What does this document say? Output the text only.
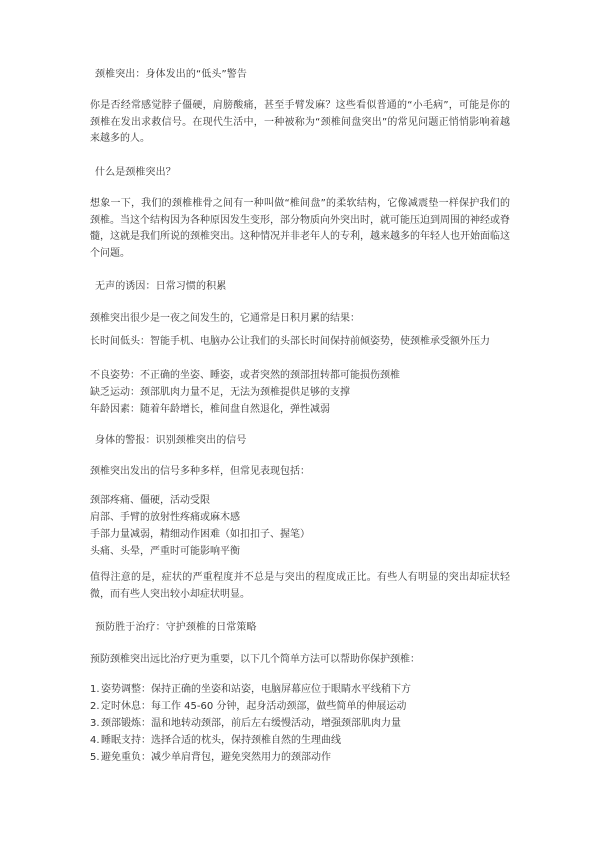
颈椎突出：身体发出的“低头”警告

你是否经常感觉脖子僵硬，肩膀酸痛，甚至手臂发麻？这些看似普通的“小毛病”，可能是你的颈椎在发出求救信号。在现代生活中，一种被称为“颈椎间盘突出”的常见问题正悄悄影响着越来越多的人。

什么是颈椎突出？

想象一下，我们的颈椎椎骨之间有一种叫做“椎间盘”的柔软结构，它像减震垫一样保护我们的颈椎。当这个结构因为各种原因发生变形，部分物质向外突出时，就可能压迫到周围的神经或脊髓，这就是我们所说的颈椎突出。这种情况并非老年人的专利，越来越多的年轻人也开始面临这个问题。

无声的诱因：日常习惯的积累

颈椎突出很少是一夜之间发生的，它通常是日积月累的结果：

长时间低头：智能手机、电脑办公让我们的头部长时间保持前倾姿势，使颈椎承受额外压力

不良姿势：不正确的坐姿、睡姿，或者突然的颈部扭转都可能损伤颈椎

缺乏运动：颈部肌肉力量不足，无法为颈椎提供足够的支撑

年龄因素：随着年龄增长，椎间盘自然退化，弹性减弱

身体的警报：识别颈椎突出的信号

颈椎突出发出的信号多种多样，但常见表现包括：

颈部疼痛、僵硬，活动受限

肩部、手臂的放射性疼痛或麻木感

手部力量减弱，精细动作困难（如扣扣子、握笔）

头痛、头晕，严重时可能影响平衡

值得注意的是，症状的严重程度并不总是与突出的程度成正比。有些人有明显的突出却症状轻微，而有些人突出较小却症状明显。

预防胜于治疗：守护颈椎的日常策略

预防颈椎突出远比治疗更为重要，以下几个简单方法可以帮助你保护颈椎：

1.姿势调整：保持正确的坐姿和站姿，电脑屏幕应位于眼睛水平线稍下方

2.定时休息：每工作 45-60 分钟，起身活动颈部，做些简单的伸展运动

3.颈部锻炼：温和地转动颈部，前后左右缓慢活动，增强颈部肌肉力量

4.睡眠支持：选择合适的枕头，保持颈椎自然的生理曲线

5.避免重负：减少单肩背包，避免突然用力的颈部动作
